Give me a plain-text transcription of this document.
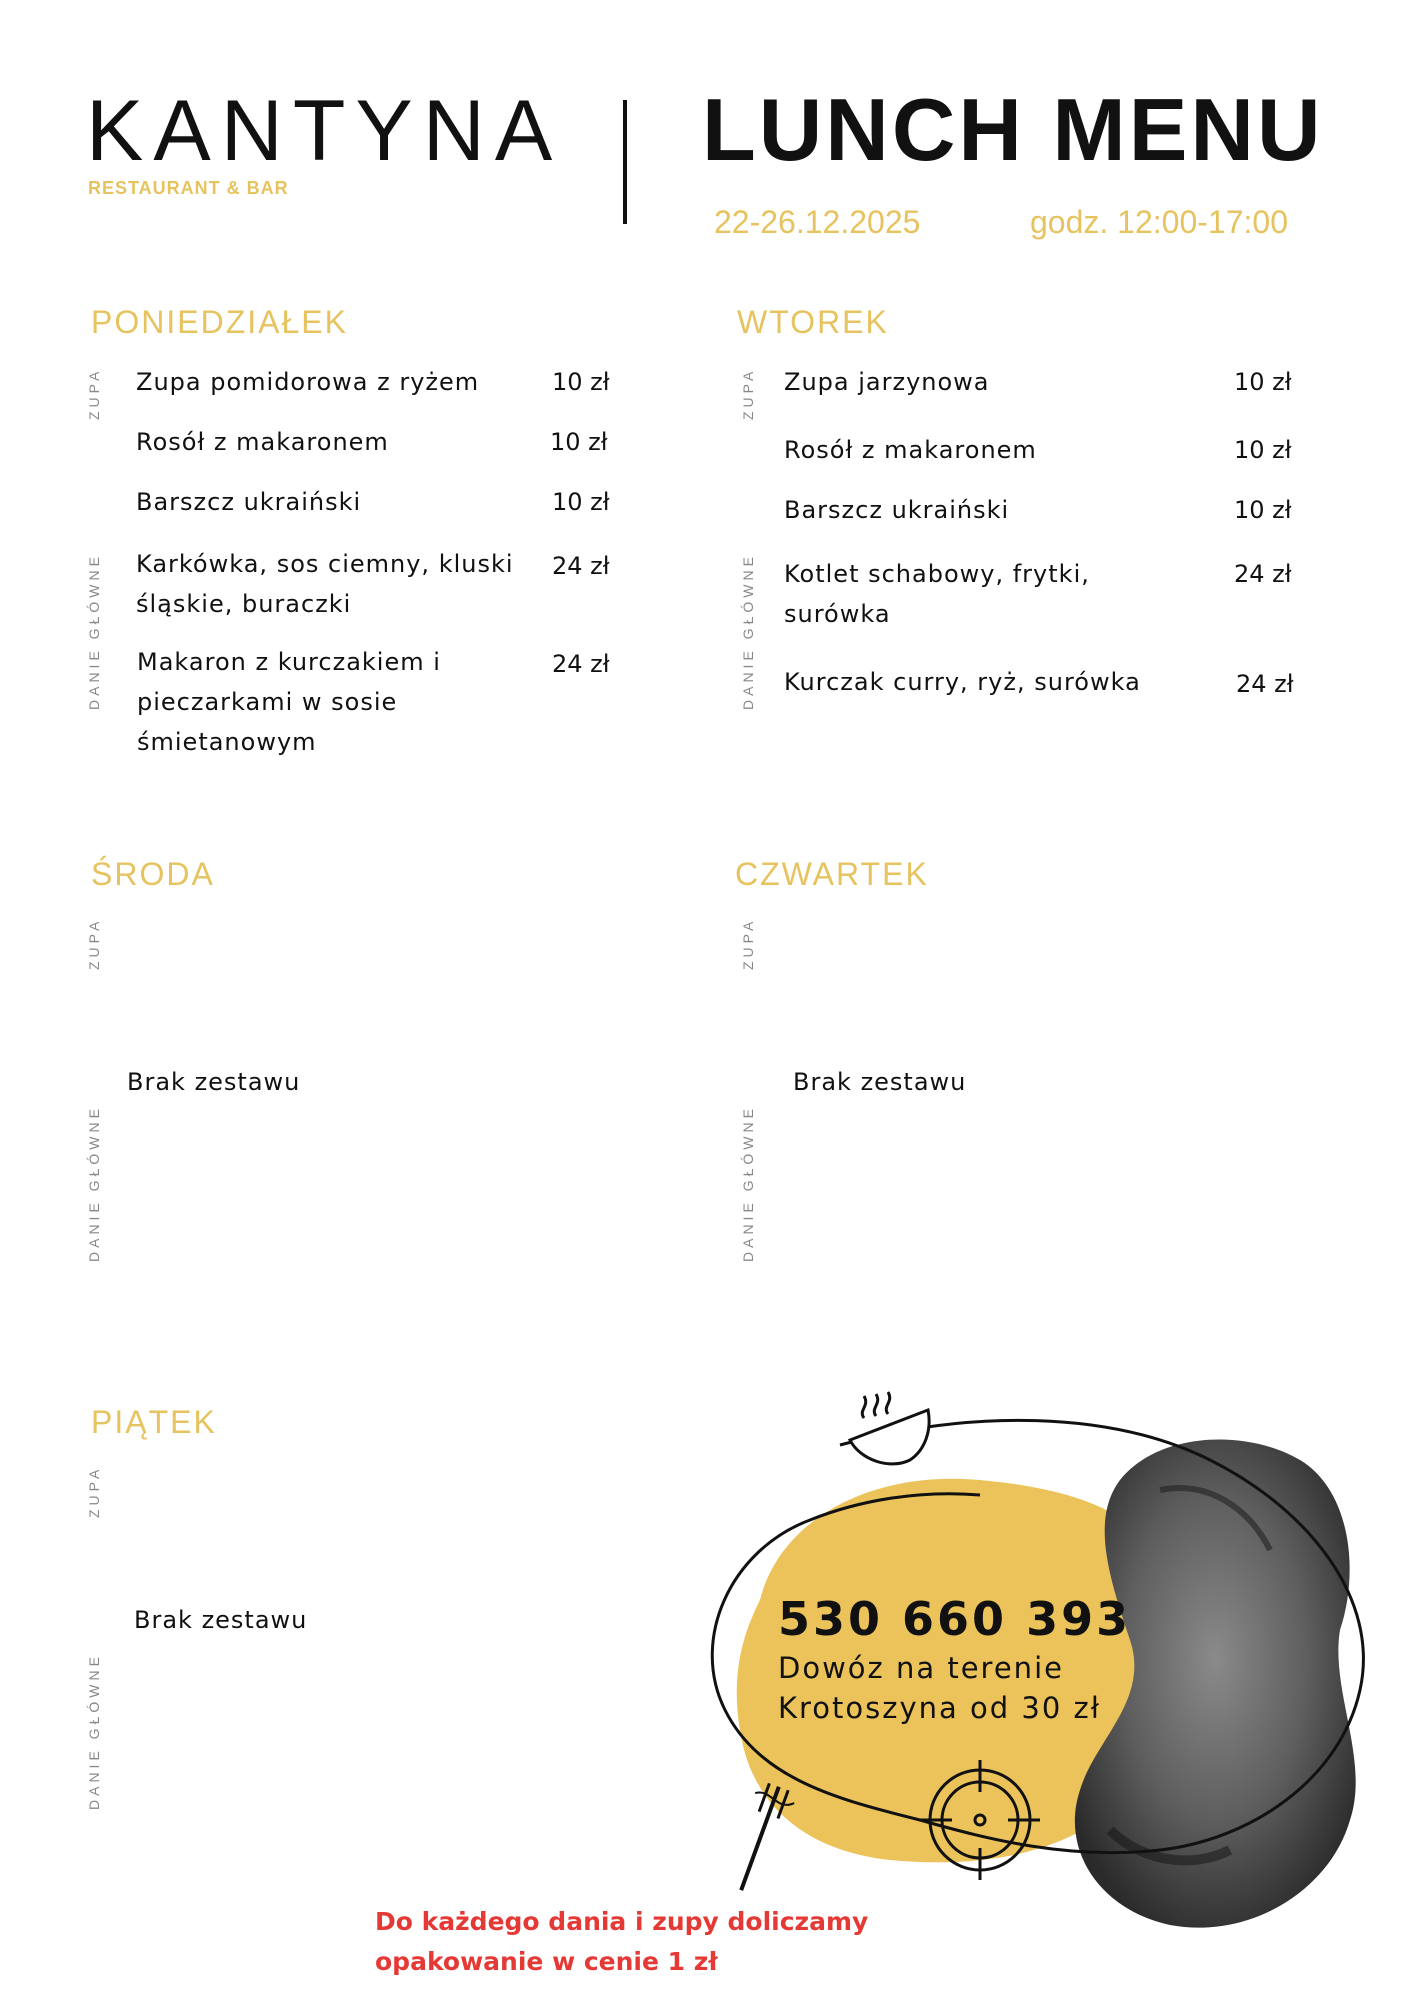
KANTYNA
RESTAURANT & BAR
LUNCH MENU
22-26.12.2025	godz. 12:00-17:00
PONIEDZIAŁEK
ZUPA
DANIE GŁÓWNE
Zupa pomidorowa z ryżem	10 zł
Rosół z makaronem	10 zł
Barszcz ukraiński	10 zł
Karkówka, sos ciemny, kluski śląskie, buraczki
24 zł
Makaron z kurczakiem i pieczarkami w sosie śmietanowym
24 zł
WTOREK
ZUPA
DANIE GŁÓWNE
Zupa jarzynowa	10 zł
Rosół z makaronem	10 zł
Barszcz ukraiński	10 zł
Kotlet schabowy, frytki, surówka
24 zł
Kurczak curry, ryż, surówka	24 zł
ŚRODA
ZUPA
DANIE GŁÓWNE
Brak zestawu
CZWARTEK
ZUPA
DANIE GŁÓWNE
Brak zestawu
PIĄTEK
ZUPA
DANIE GŁÓWNE
Brak zestawu	530 660 393
Dowóz na terenie
Krotoszyna od 30 zł
Do każdego dania i zupy doliczamy
opakowanie w cenie 1 zł
